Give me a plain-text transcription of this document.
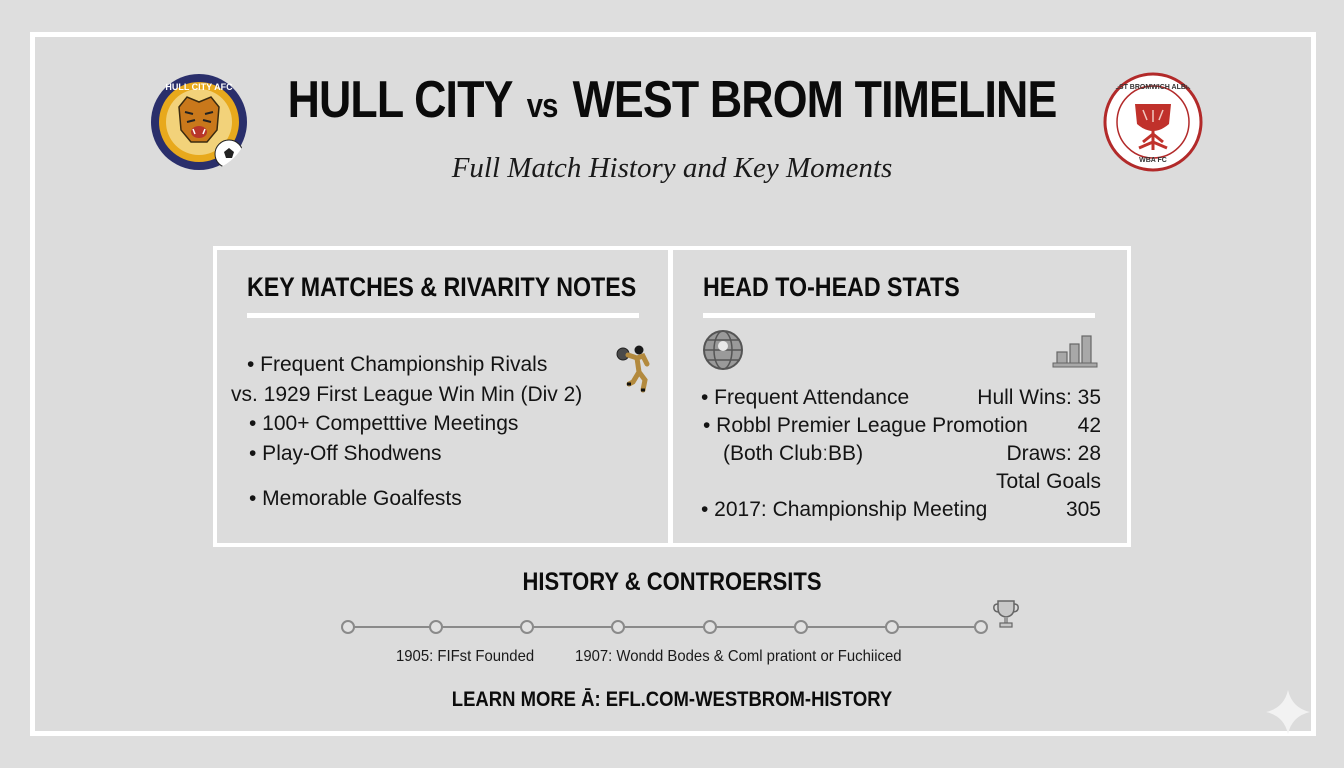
HULL CITY AFC	WEST BROMWICH ALBION
WBA FC
HULL CITY vs WEST BROM TIMELINE
Full Match History and Key Moments
KEY MATCHES & RIVARITY NOTES
• Frequent Championship Rivals
vs. 1929 First League Win Min (Div 2)
• 100+ Competttive Meetings
• Play-Off Shodwens
• Memorable Goalfests
HEAD TO-HEAD STATS
• Frequent Attendance
• Robbl Premier League Promotion
(Both ClubːBB)
• 2017: Championship Meeting
Hull Wins: 35
42
Draws: 28
Total Goals
305
HISTORY & CONTROERSITS
1905: FIFst Founded	1907: Wondd Bodes & Coml prationt or Fuchiiced
LEARN MORE Ā: EFL.COM-WESTBROM-HISTORY
